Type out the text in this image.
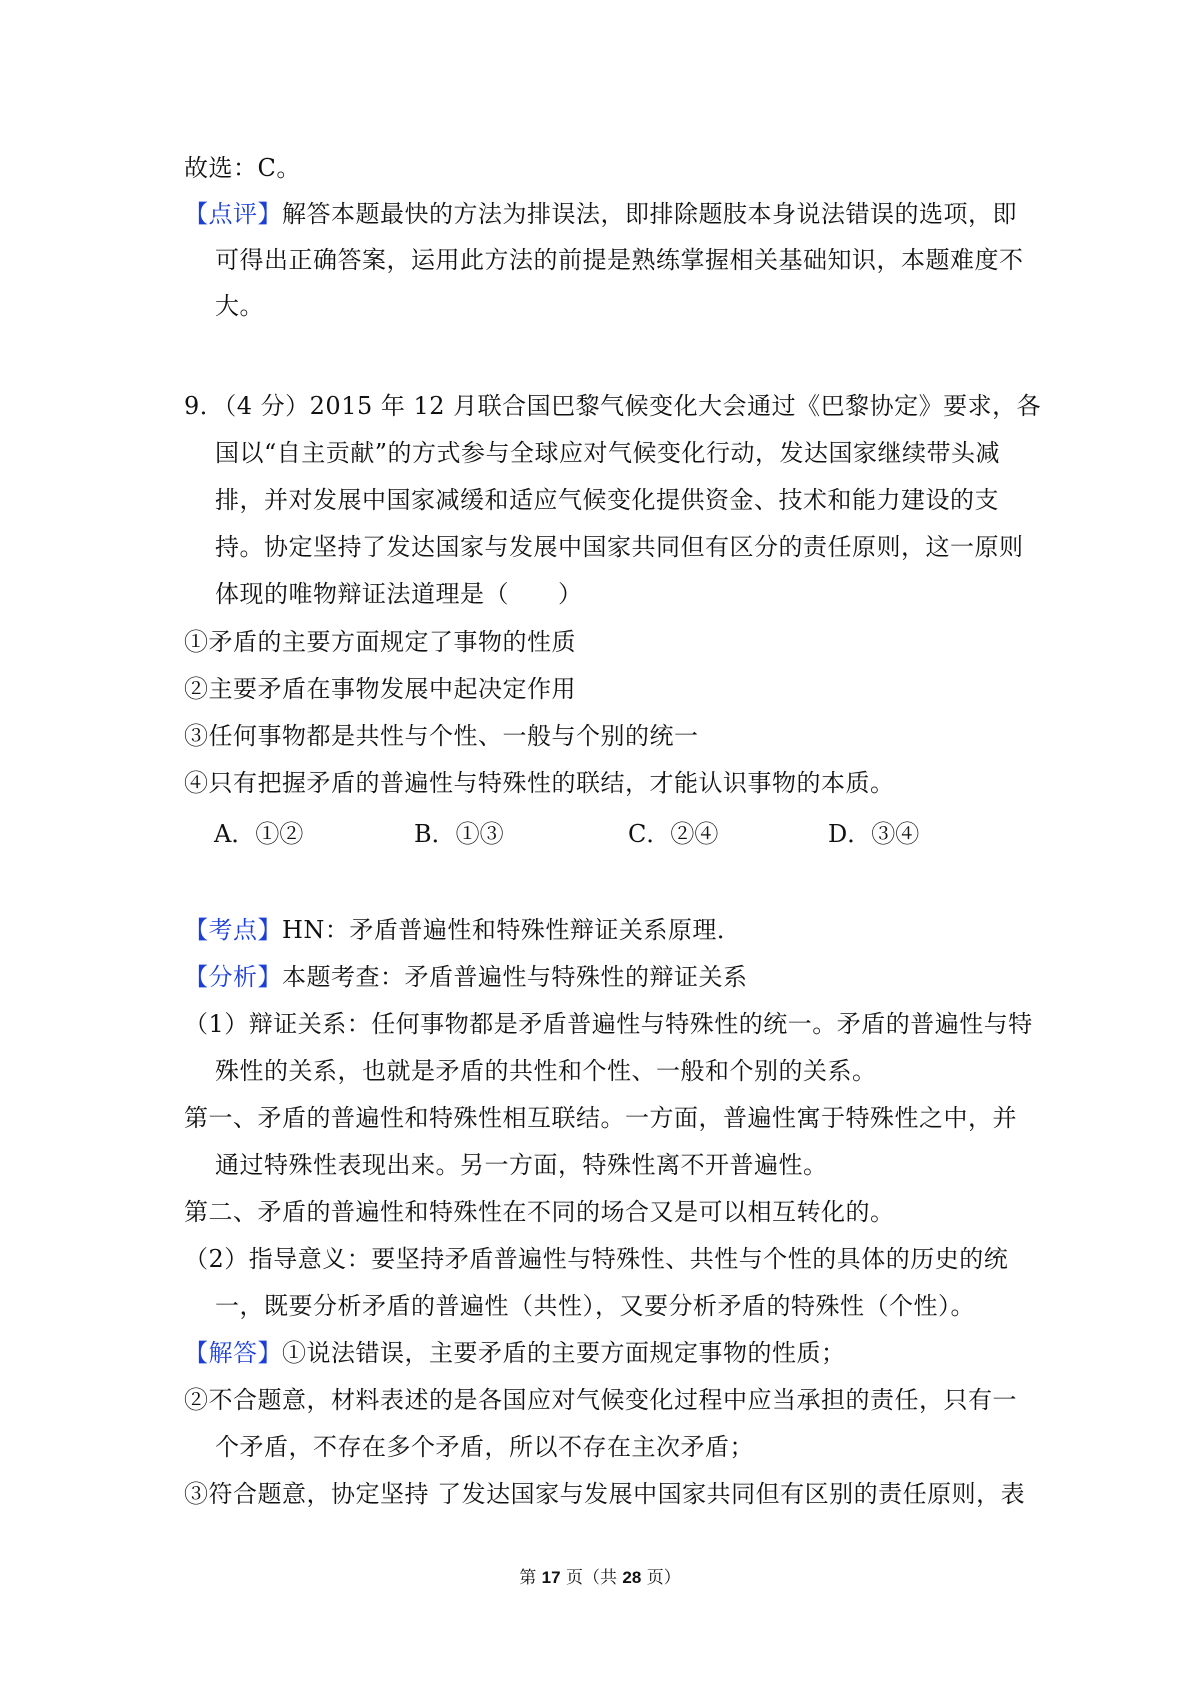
故选：C。
【点评】解答本题最快的方法为排误法，即排除题肢本身说法错误的选项，即
可得出正确答案，运用此方法的前提是熟练掌握相关基础知识，本题难度不
大。
9．（4 分）2015 年 12 月联合国巴黎气候变化大会通过《巴黎协定》要求，各
国以“自主贡献”的方式参与全球应对气候变化行动，发达国家继续带头减
排，并对发展中国家减缓和适应气候变化提供资金、技术和能力建设的支
持。协定坚持了发达国家与发展中国家共同但有区分的责任原则，这一原则
体现的唯物辩证法道理是（　　）
①矛盾的主要方面规定了事物的性质
②主要矛盾在事物发展中起决定作用
③任何事物都是共性与个性、一般与个别的统一
④只有把握矛盾的普遍性与特殊性的联结，才能认识事物的本质。
A．①②	B．①③	C．②④	D．③④
【考点】HN：矛盾普遍性和特殊性辩证关系原理．
【分析】本题考查：矛盾普遍性与特殊性的辩证关系
（1）辩证关系：任何事物都是矛盾普遍性与特殊性的统一。矛盾的普遍性与特
殊性的关系，也就是矛盾的共性和个性、一般和个别的关系。
第一、矛盾的普遍性和特殊性相互联结。一方面，普遍性寓于特殊性之中，并
通过特殊性表现出来。另一方面，特殊性离不开普遍性。
第二、矛盾的普遍性和特殊性在不同的场合又是可以相互转化的。
（2）指导意义：要坚持矛盾普遍性与特殊性、共性与个性的具体的历史的统
一，既要分析矛盾的普遍性（共性），又要分析矛盾的特殊性（个性）。
【解答】①说法错误，主要矛盾的主要方面规定事物的性质；
②不合题意，材料表述的是各国应对气候变化过程中应当承担的责任，只有一
个矛盾，不存在多个矛盾，所以不存在主次矛盾；
③符合题意，协定坚持 了发达国家与发展中国家共同但有区别的责任原则，表
第 17 页（共 28 页）
